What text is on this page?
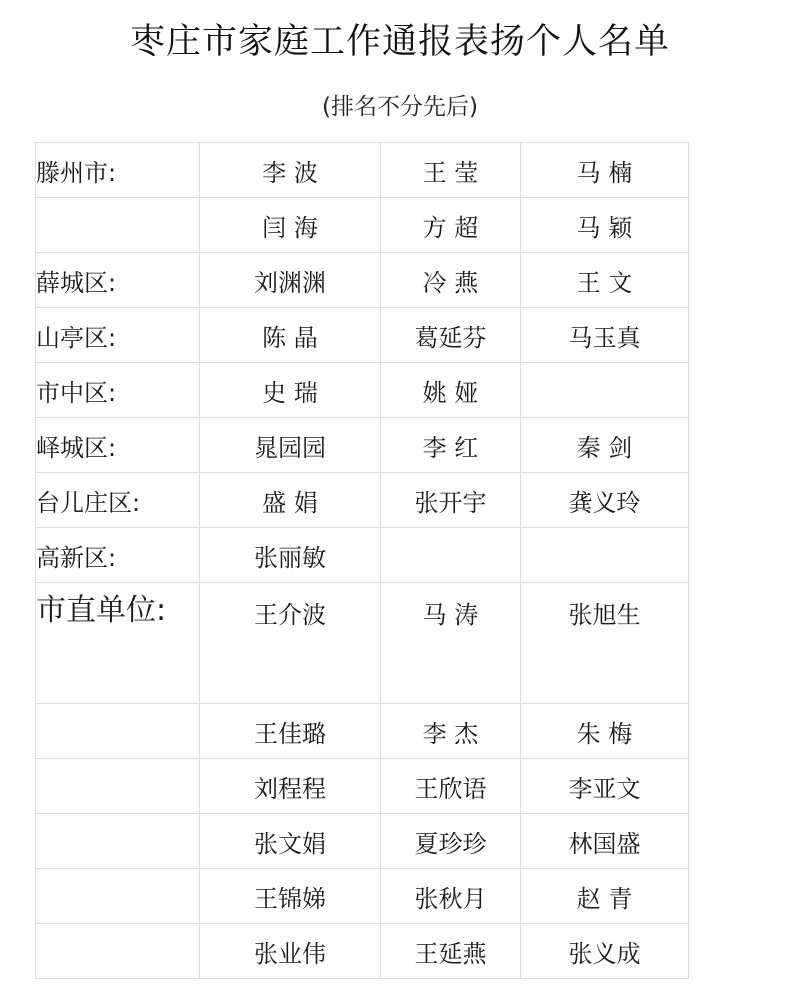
枣庄市家庭工作通报表扬个人名单
(排名不分先后)
滕州市:	李 波	王 莹	马 楠
	闫 海	方 超	马 颖
薛城区:	刘渊渊	冷 燕	王 文
山亭区:	陈 晶	葛延芬	马玉真
市中区:	史 瑞	姚 娅	
峄城区:	晁园园	李 红	秦 剑
台儿庄区:	盛 娟	张开宇	龚义玲
高新区:	张丽敏		
市直单位:	王介波	马 涛	张旭生
	王佳璐	李 杰	朱 梅
	刘程程	王欣语	李亚文
	张文娟	夏珍珍	林国盛
	王锦娣	张秋月	赵 青
	张业伟	王延燕	张义成
